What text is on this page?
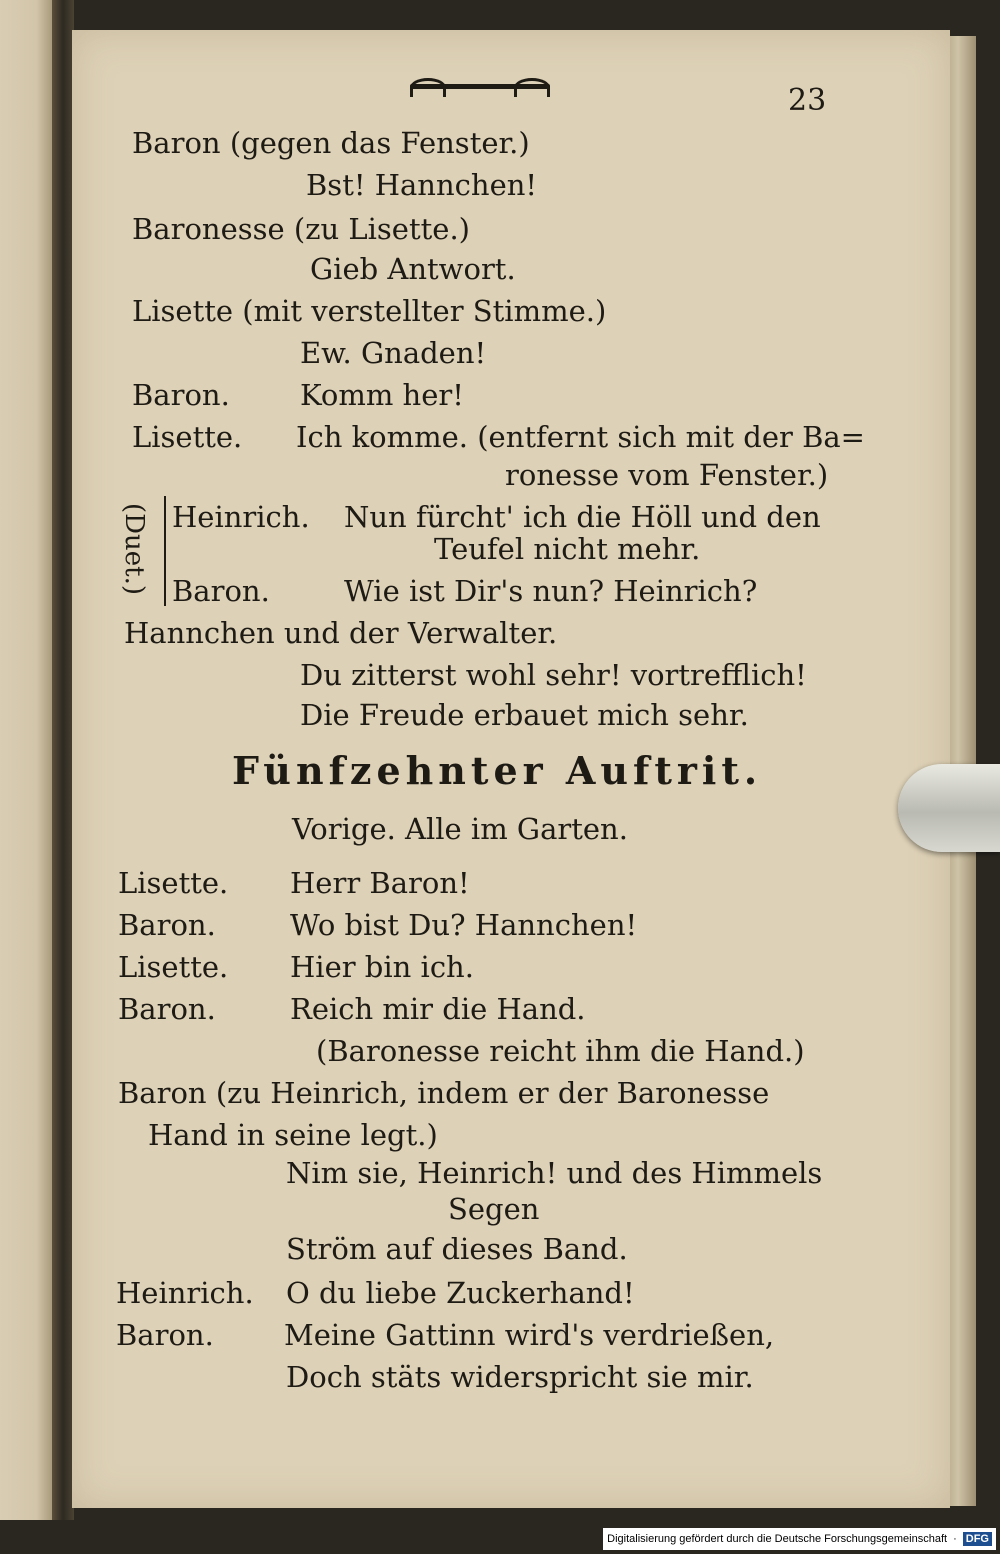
23
Baron (gegen das Fenster.)
Bst! Hannchen!
Baronesse (zu Lisette.)
Gieb Antwort.
Lisette (mit verstellter Stimme.)
Ew. Gnaden!
Baron. Komm her!
Lisette. Ich komme. (entfernt sich mit der Ba=
ronesse vom Fenster.)
(Duet.) Heinrich. Nun fürcht' ich die Höll und den
Teufel nicht mehr.
Baron.	Wie ist Dir's nun? Heinrich?
Hannchen und der Verwalter.
Du zitterst wohl sehr! vortrefflich!
Die Freude erbauet mich sehr.
Fünfzehnter Auftrit.
Vorige. Alle im Garten.
Lisette. Herr Baron!
Baron.	Wo bist Du? Hannchen!
Lisette. Hier bin ich.
Baron.	Reich mir die Hand.
(Baronesse reicht ihm die Hand.)
Baron (zu Heinrich, indem er der Baronesse
Hand in seine legt.)
Nim sie, Heinrich! und des Himmels
Segen
Ström auf dieses Band.
Heinrich. O du liebe Zuckerhand!
Baron. Meine Gattinn wird's verdrießen,
Doch stäts widerspricht sie mir.
Digitalisierung gefördert durch die Deutsche Forschungsgemeinschaft · DFG
